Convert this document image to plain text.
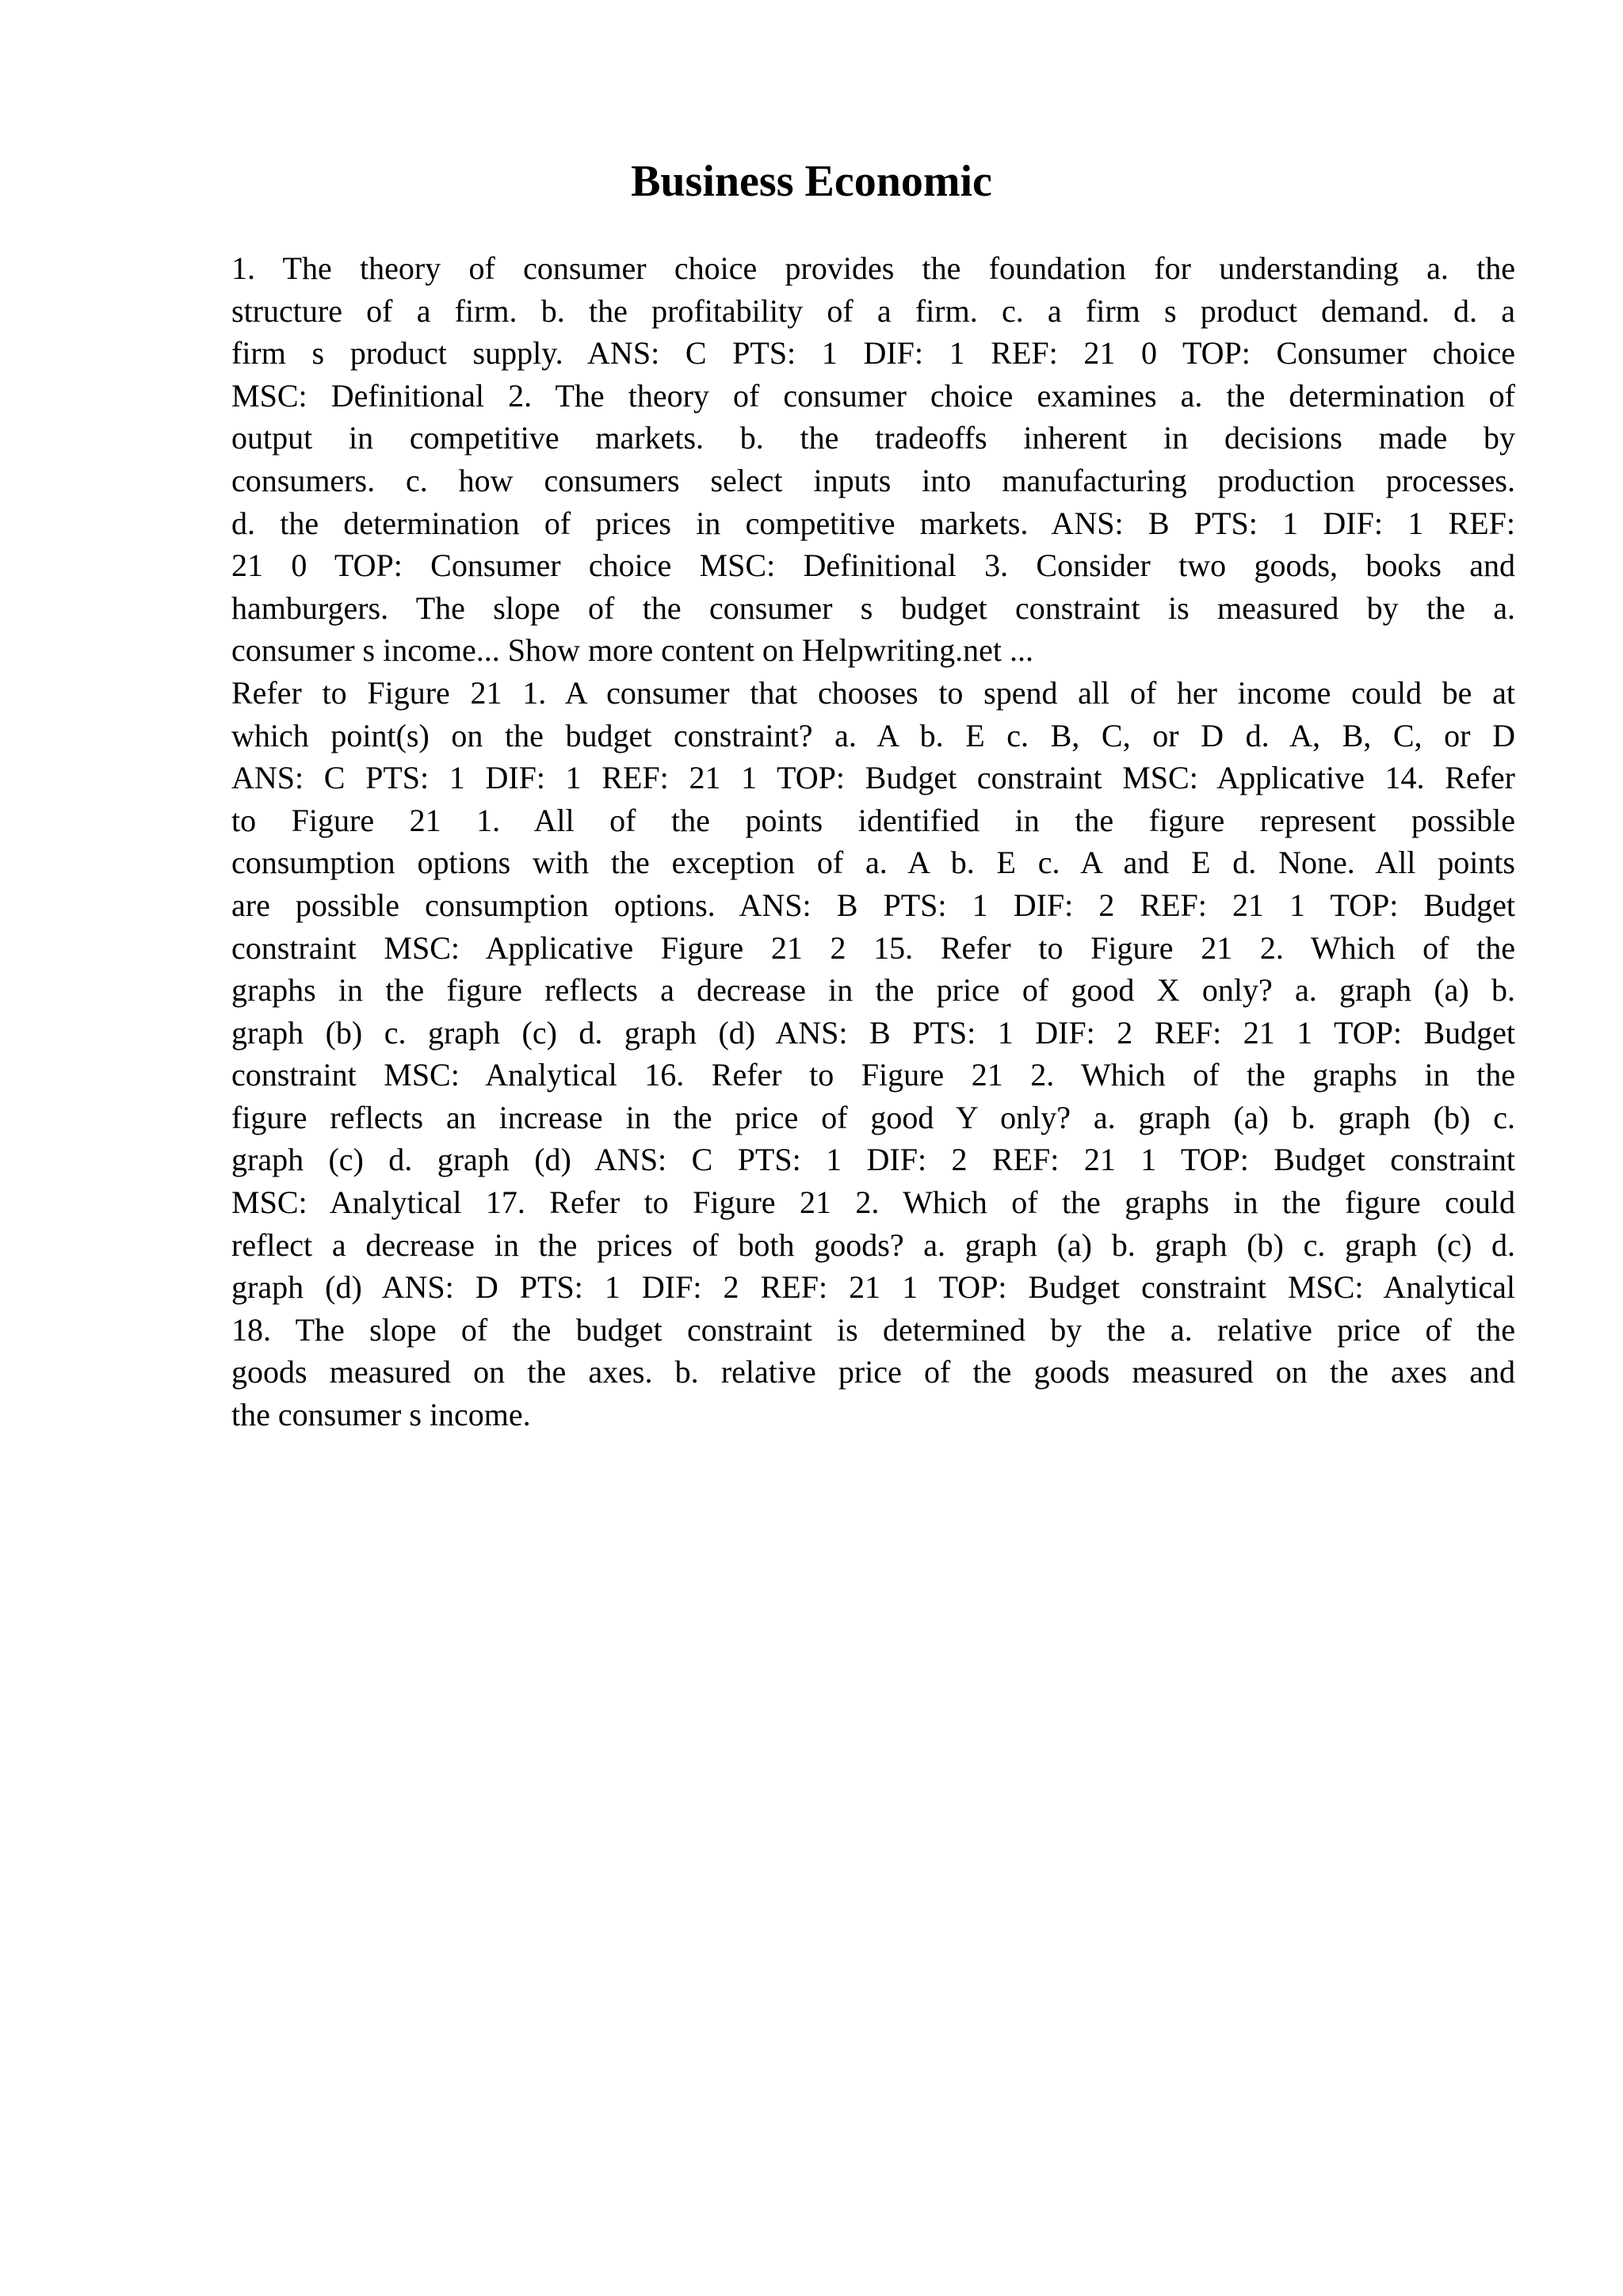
Business Economic

1. The theory of consumer choice provides the foundation for understanding a. the
structure of a firm. b. the profitability of a firm. c. a firm s product demand. d. a
firm s product supply. ANS: C PTS: 1 DIF: 1 REF: 21 0 TOP: Consumer choice
MSC: Definitional 2. The theory of consumer choice examines a. the determination of
output in competitive markets. b. the tradeoffs inherent in decisions made by
consumers. c. how consumers select inputs into manufacturing production processes.
d. the determination of prices in competitive markets. ANS: B PTS: 1 DIF: 1 REF:
21 0 TOP: Consumer choice MSC: Definitional 3. Consider two goods, books and
hamburgers. The slope of the consumer s budget constraint is measured by the a.
consumer s income... Show more content on Helpwriting.net ...

Refer to Figure 21 1. A consumer that chooses to spend all of her income could be at
which point(s) on the budget constraint? a. A b. E c. B, C, or D d. A, B, C, or D
ANS: C PTS: 1 DIF: 1 REF: 21 1 TOP: Budget constraint MSC: Applicative 14. Refer
to Figure 21 1. All of the points identified in the figure represent possible
consumption options with the exception of a. A b. E c. A and E d. None. All points
are possible consumption options. ANS: B PTS: 1 DIF: 2 REF: 21 1 TOP: Budget
constraint MSC: Applicative Figure 21 2 15. Refer to Figure 21 2. Which of the
graphs in the figure reflects a decrease in the price of good X only? a. graph (a) b.
graph (b) c. graph (c) d. graph (d) ANS: B PTS: 1 DIF: 2 REF: 21 1 TOP: Budget
constraint MSC: Analytical 16. Refer to Figure 21 2. Which of the graphs in the
figure reflects an increase in the price of good Y only? a. graph (a) b. graph (b) c.
graph (c) d. graph (d) ANS: C PTS: 1 DIF: 2 REF: 21 1 TOP: Budget constraint
MSC: Analytical 17. Refer to Figure 21 2. Which of the graphs in the figure could
reflect a decrease in the prices of both goods? a. graph (a) b. graph (b) c. graph (c) d.
graph (d) ANS: D PTS: 1 DIF: 2 REF: 21 1 TOP: Budget constraint MSC: Analytical
18. The slope of the budget constraint is determined by the a. relative price of the
goods measured on the axes. b. relative price of the goods measured on the axes and
the consumer s income.
